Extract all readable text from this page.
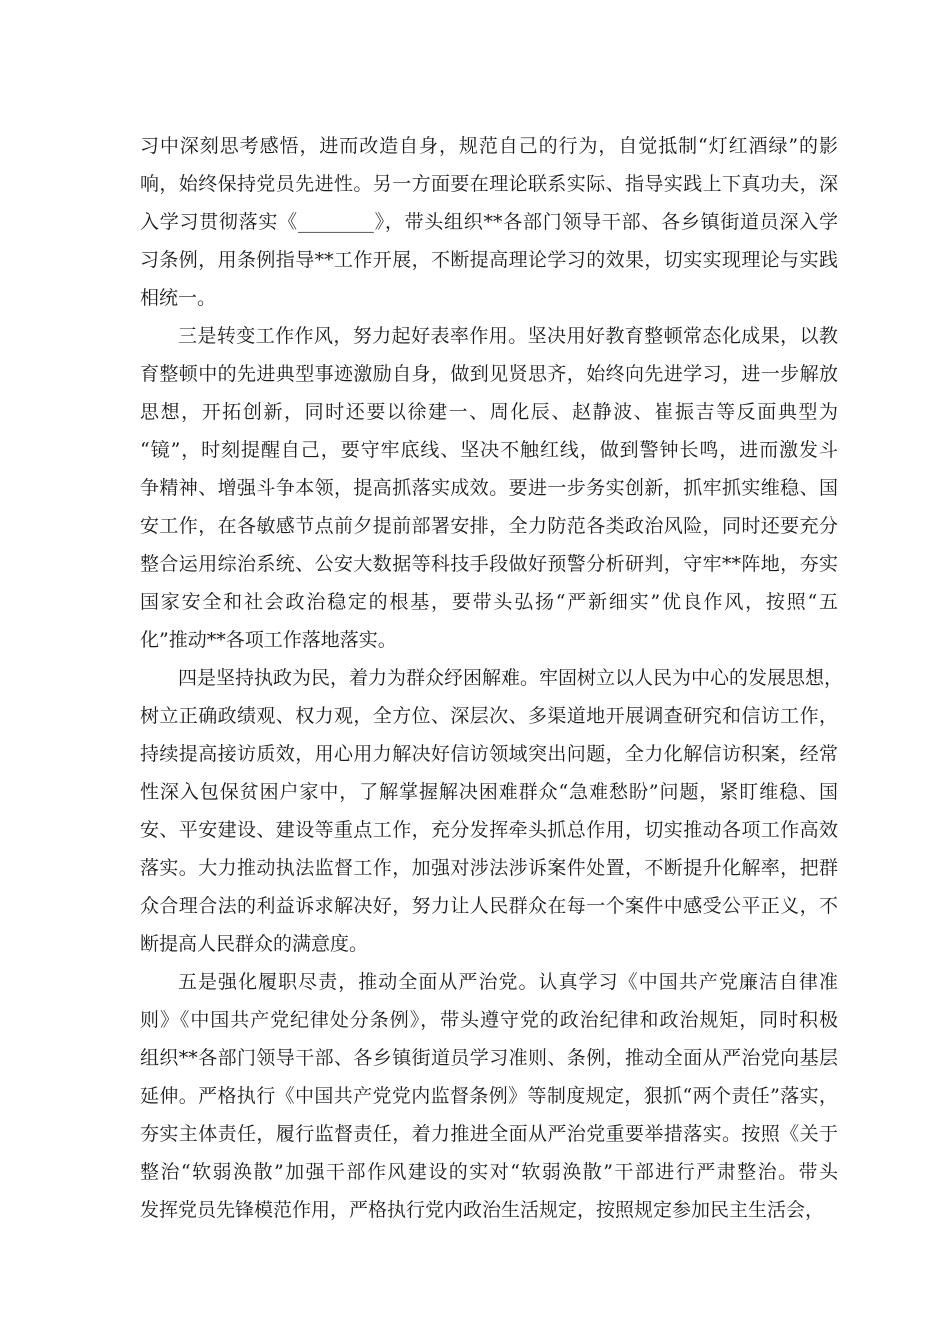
习中深刻思考感悟，进而改造自身，规范自己的行为，自觉抵制“灯红酒绿”的影
响，始终保持党员先进性。另一方面要在理论联系实际、指导实践上下真功夫，深
入学习贯彻落实《________》，带头组织**各部门领导干部、各乡镇街道员深入学
习条例，用条例指导**工作开展，不断提高理论学习的效果，切实实现理论与实践
相统一。
三是转变工作作风，努力起好表率作用。坚决用好教育整顿常态化成果，以教
育整顿中的先进典型事迹激励自身，做到见贤思齐，始终向先进学习，进一步解放
思想，开拓创新，同时还要以徐建一、周化辰、赵静波、崔振吉等反面典型为
“镜”，时刻提醒自己，要守牢底线、坚决不触红线，做到警钟长鸣，进而激发斗
争精神、增强斗争本领，提高抓落实成效。要进一步务实创新，抓牢抓实维稳、国
安工作，在各敏感节点前夕提前部署安排，全力防范各类政治风险，同时还要充分
整合运用综治系统、公安大数据等科技手段做好预警分析研判，守牢**阵地，夯实
国家安全和社会政治稳定的根基，要带头弘扬“严新细实”优良作风，按照“五
化”推动**各项工作落地落实。
四是坚持执政为民，着力为群众纾困解难。牢固树立以人民为中心的发展思想，
树立正确政绩观、权力观，全方位、深层次、多渠道地开展调查研究和信访工作，
持续提高接访质效，用心用力解决好信访领域突出问题，全力化解信访积案，经常
性深入包保贫困户家中，了解掌握解决困难群众“急难愁盼”问题，紧盯维稳、国
安、平安建设、建设等重点工作，充分发挥牵头抓总作用，切实推动各项工作高效
落实。大力推动执法监督工作，加强对涉法涉诉案件处置，不断提升化解率，把群
众合理合法的利益诉求解决好，努力让人民群众在每一个案件中感受公平正义，不
断提高人民群众的满意度。
五是强化履职尽责，推动全面从严治党。认真学习《中国共产党廉洁自律准
则》《中国共产党纪律处分条例》，带头遵守党的政治纪律和政治规矩，同时积极
组织**各部门领导干部、各乡镇街道员学习准则、条例，推动全面从严治党向基层
延伸。严格执行《中国共产党党内监督条例》等制度规定，狠抓“两个责任”落实，
夯实主体责任，履行监督责任，着力推进全面从严治党重要举措落实。按照《关于
整治“软弱涣散”加强干部作风建设的实对“软弱涣散”干部进行严肃整治。带头
发挥党员先锋模范作用，严格执行党内政治生活规定，按照规定参加民主生活会，
